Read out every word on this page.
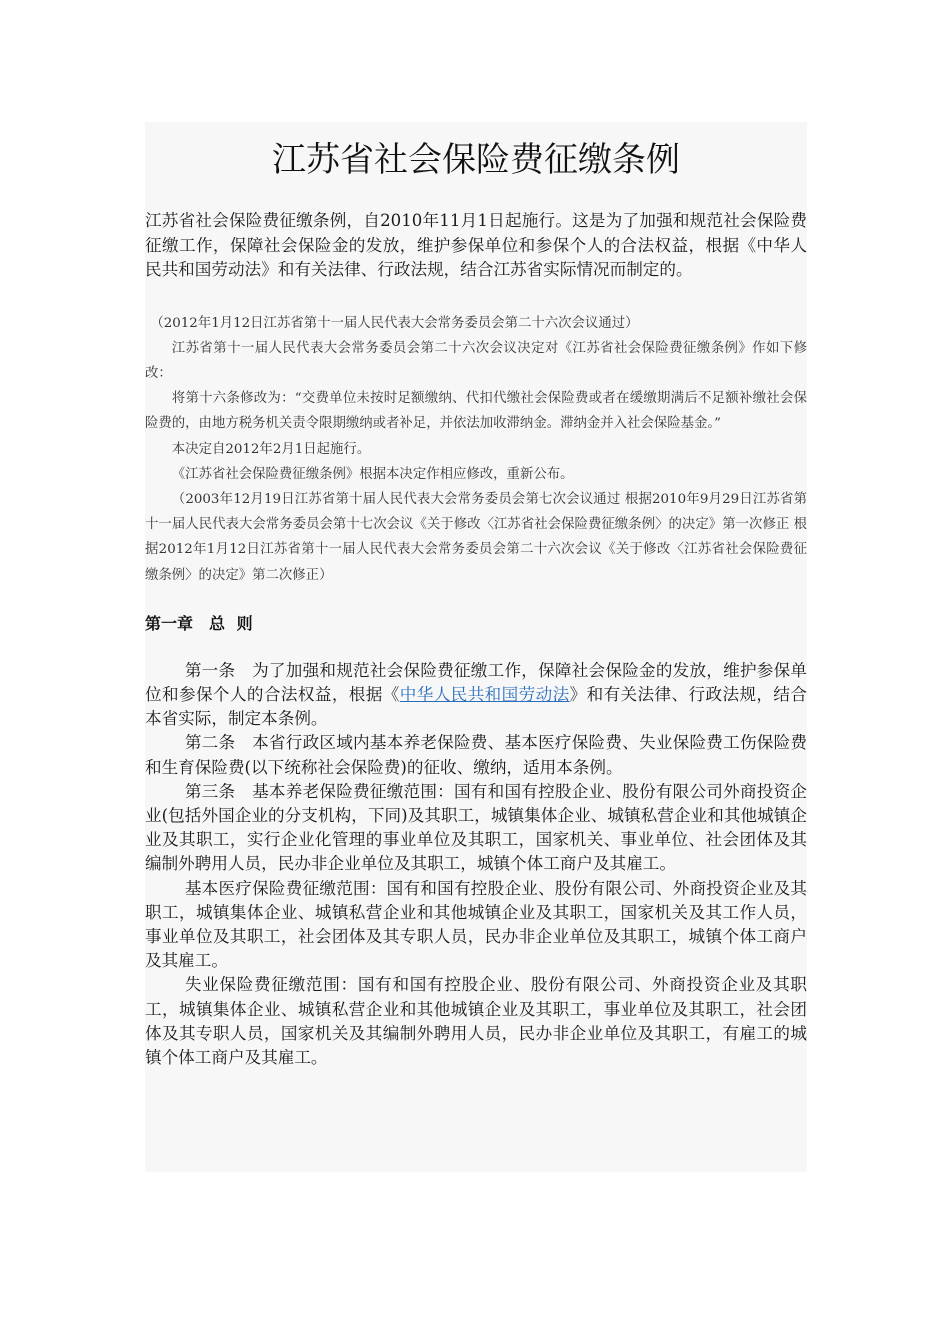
江苏省社会保险费征缴条例

江苏省社会保险费征缴条例，自2010年11月1日起施行。这是为了加强和规范社会保险费征缴工作，保障社会保险金的发放，维护参保单位和参保个人的合法权益，根据《中华人民共和国劳动法》和有关法律、行政法规，结合江苏省实际情况而制定的。

（2012年1月12日江苏省第十一届人民代表大会常务委员会第二十六次会议通过）

江苏省第十一届人民代表大会常务委员会第二十六次会议决定对《江苏省社会保险费征缴条例》作如下修改：

将第十六条修改为：“交费单位未按时足额缴纳、代扣代缴社会保险费或者在缓缴期满后不足额补缴社会保险费的，由地方税务机关责令限期缴纳或者补足，并依法加收滞纳金。滞纳金并入社会保险基金。”

本决定自2012年2月1日起施行。

《江苏省社会保险费征缴条例》根据本决定作相应修改，重新公布。

（2003年12月19日江苏省第十届人民代表大会常务委员会第七次会议通过 根据2010年9月29日江苏省第十一届人民代表大会常务委员会第十七次会议《关于修改〈江苏省社会保险费征缴条例〉的决定》第一次修正 根据2012年1月12日江苏省第十一届人民代表大会常务委员会第二十六次会议《关于修改〈江苏省社会保险费征缴条例〉的决定》第二次修正）

第一章　总 则

第一条　为了加强和规范社会保险费征缴工作，保障社会保险金的发放，维护参保单位和参保个人的合法权益，根据《中华人民共和国劳动法》和有关法律、行政法规，结合本省实际，制定本条例。

第二条　本省行政区域内基本养老保险费、基本医疗保险费、失业保险费工伤保险费和生育保险费(以下统称社会保险费)的征收、缴纳，适用本条例。

第三条　基本养老保险费征缴范围：国有和国有控股企业、股份有限公司外商投资企业(包括外国企业的分支机构，下同)及其职工，城镇集体企业、城镇私营企业和其他城镇企业及其职工，实行企业化管理的事业单位及其职工，国家机关、事业单位、社会团体及其编制外聘用人员，民办非企业单位及其职工，城镇个体工商户及其雇工。

基本医疗保险费征缴范围：国有和国有控股企业、股份有限公司、外商投资企业及其职工，城镇集体企业、城镇私营企业和其他城镇企业及其职工，国家机关及其工作人员，事业单位及其职工，社会团体及其专职人员，民办非企业单位及其职工，城镇个体工商户及其雇工。

失业保险费征缴范围：国有和国有控股企业、股份有限公司、外商投资企业及其职工，城镇集体企业、城镇私营企业和其他城镇企业及其职工，事业单位及其职工，社会团体及其专职人员，国家机关及其编制外聘用人员，民办非企业单位及其职工，有雇工的城镇个体工商户及其雇工。
